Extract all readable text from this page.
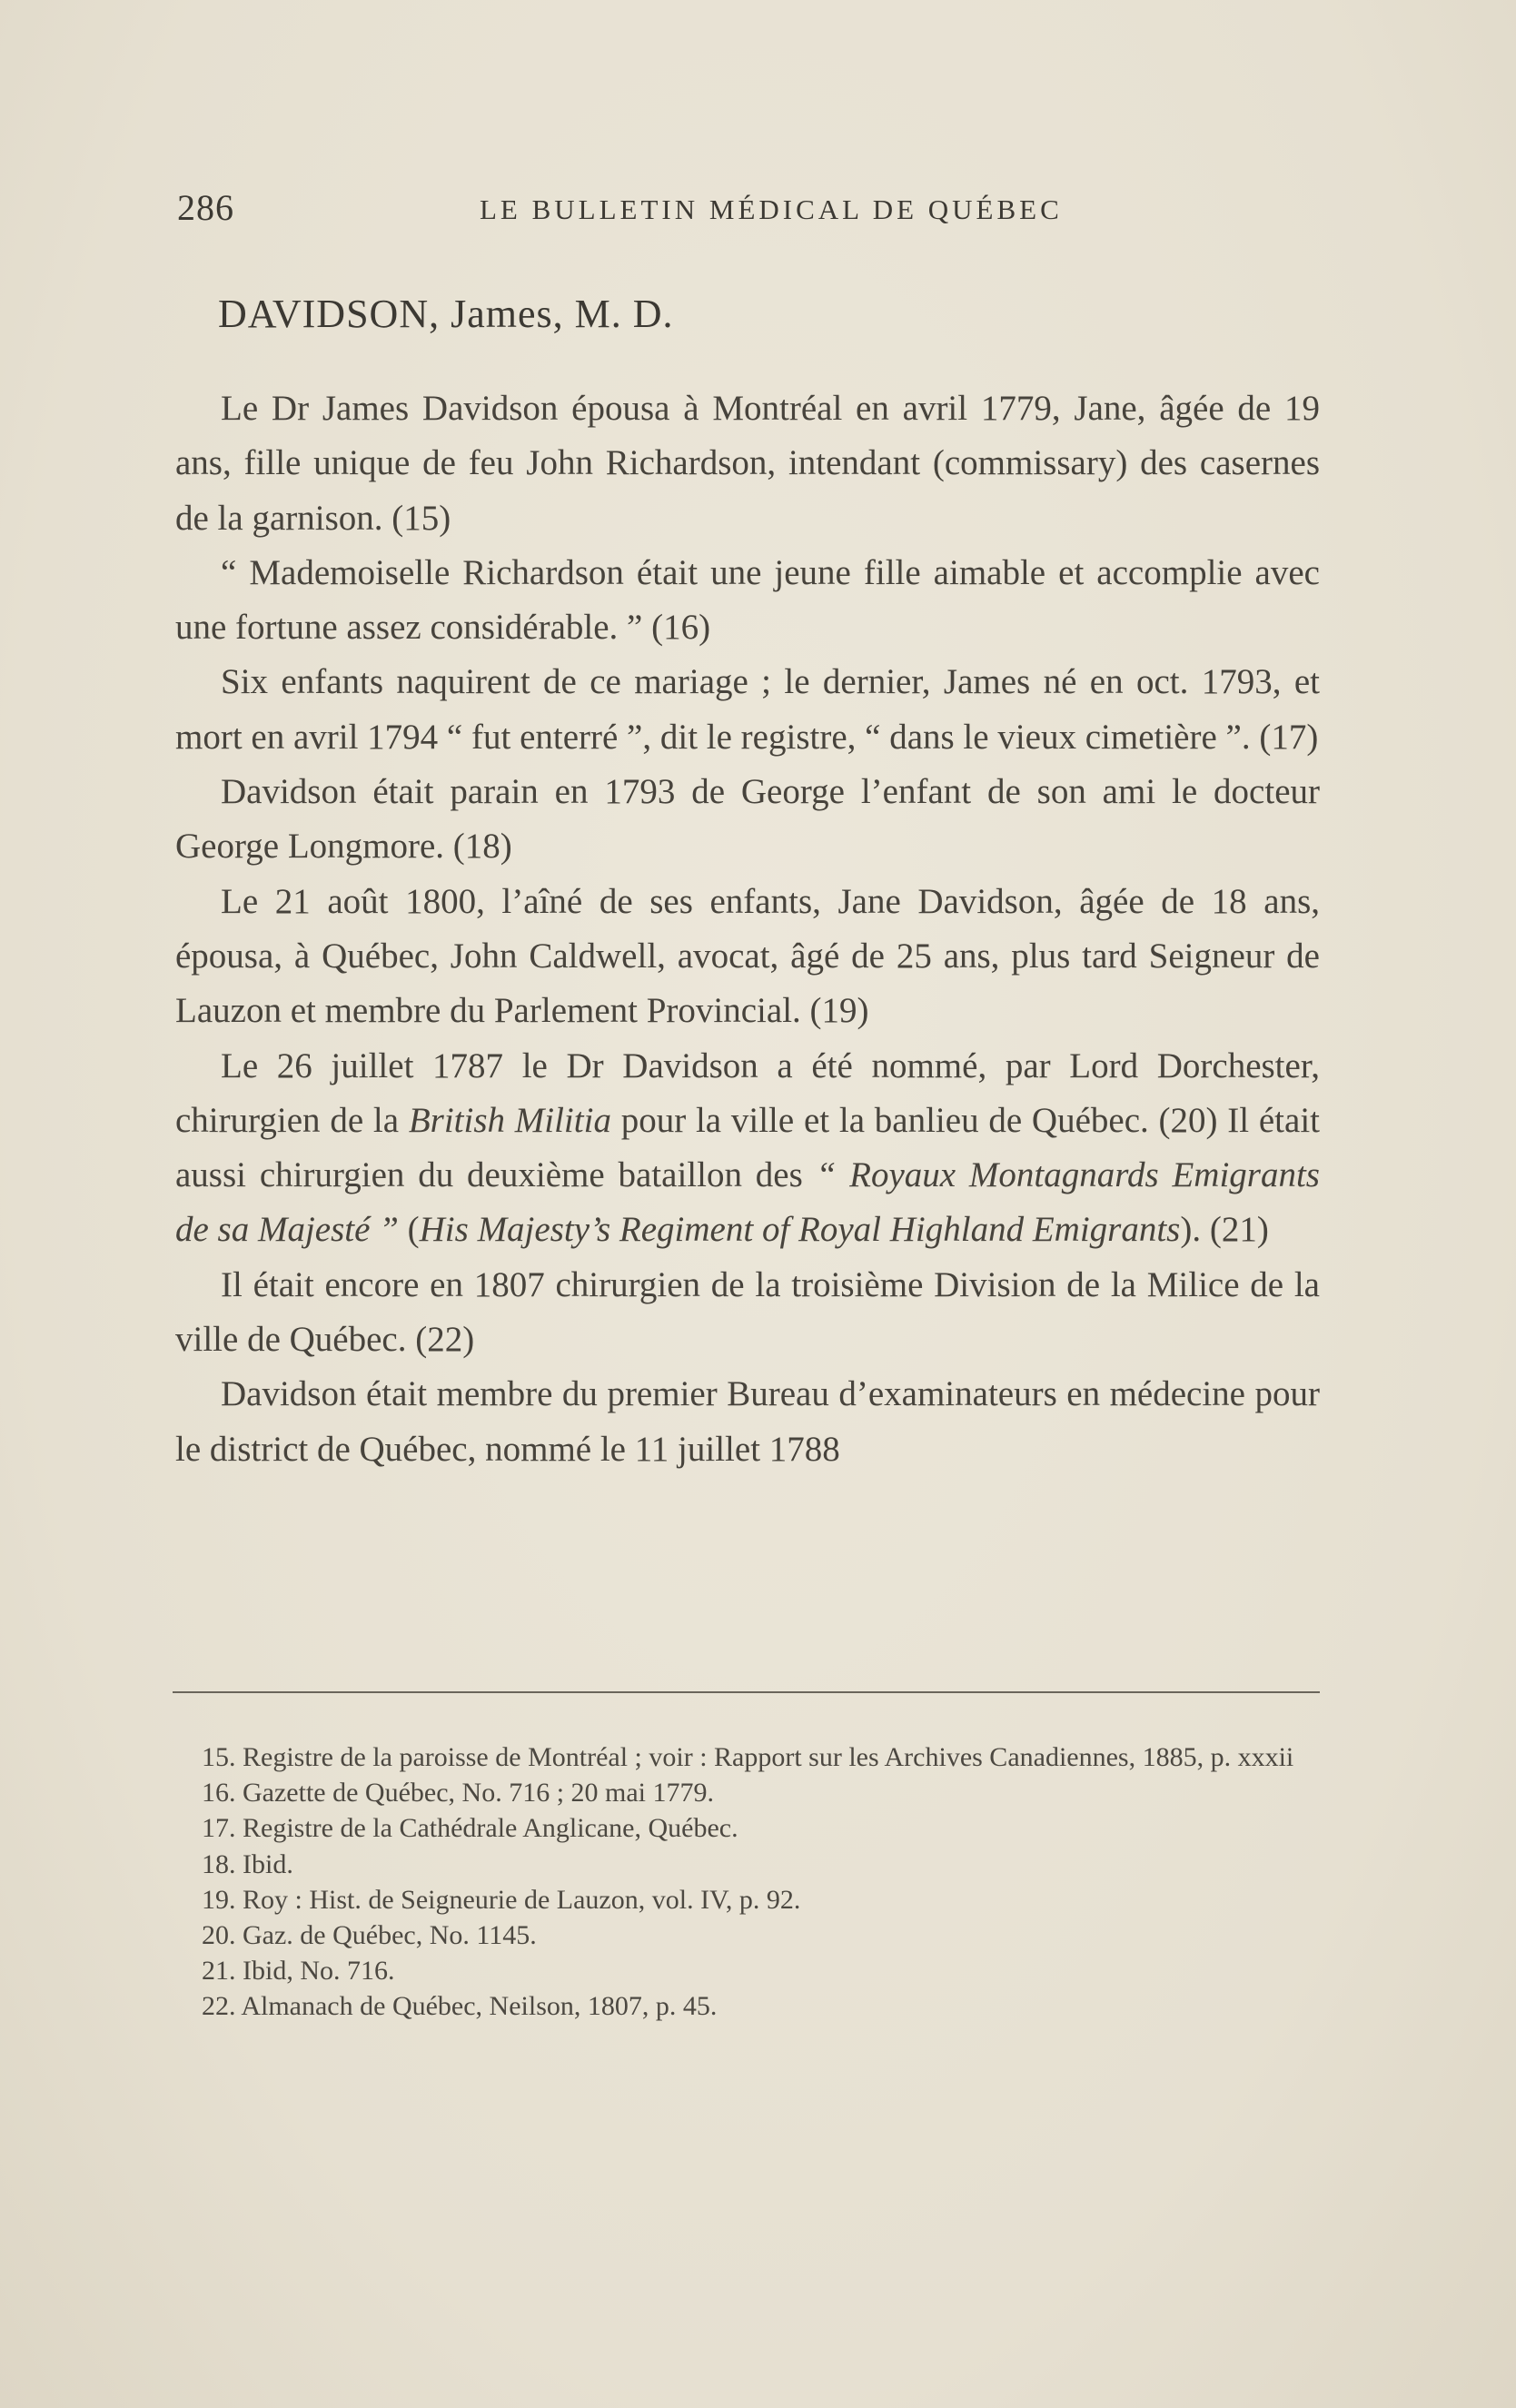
286	LE BULLETIN MÉDICAL DE QUÉBEC
DAVIDSON, James, M. D.

Le Dr James Davidson épousa à Montréal en avril 1779, Jane, âgée de 19 ans, fille unique de feu John Richardson, intendant (commissary) des casernes de la garnison. (15)

“ Mademoiselle Richardson était une jeune fille aimable et accomplie avec une fortune assez considérable. ” (16)

Six enfants naquirent de ce mariage ; le dernier, James né en oct. 1793, et mort en avril 1794 “ fut enterré ”, dit le registre, “ dans le vieux cimetière ”. (17)

Davidson était parain en 1793 de George l’enfant de son ami le docteur George Longmore. (18)

Le 21 août 1800, l’aîné de ses enfants, Jane Davidson, âgée de 18 ans, épousa, à Québec, John Caldwell, avocat, âgé de 25 ans, plus tard Seigneur de Lauzon et membre du Parlement Provincial. (19)

Le 26 juillet 1787 le Dr Davidson a été nommé, par Lord Dorchester, chirurgien de la British Militia pour la ville et la banlieu de Québec. (20) Il était aussi chirurgien du deuxième bataillon des “ Royaux Montagnards Emigrants de sa Majesté ” (His Majesty’s Regiment of Royal Highland Emigrants). (21)

Il était encore en 1807 chirurgien de la troisième Division de la Milice de la ville de Québec. (22)

Davidson était membre du premier Bureau d’examinateurs en médecine pour le district de Québec, nommé le 11 juillet 1788

15. Registre de la paroisse de Montréal ; voir : Rapport sur les Archives Canadiennes, 1885, p. xxxii

16. Gazette de Québec, No. 716 ; 20 mai 1779.

17. Registre de la Cathédrale Anglicane, Québec.

18. Ibid.

19. Roy : Hist. de Seigneurie de Lauzon, vol. IV, p. 92.

20. Gaz. de Québec, No. 1145.

21. Ibid, No. 716.

22. Almanach de Québec, Neilson, 1807, p. 45.
